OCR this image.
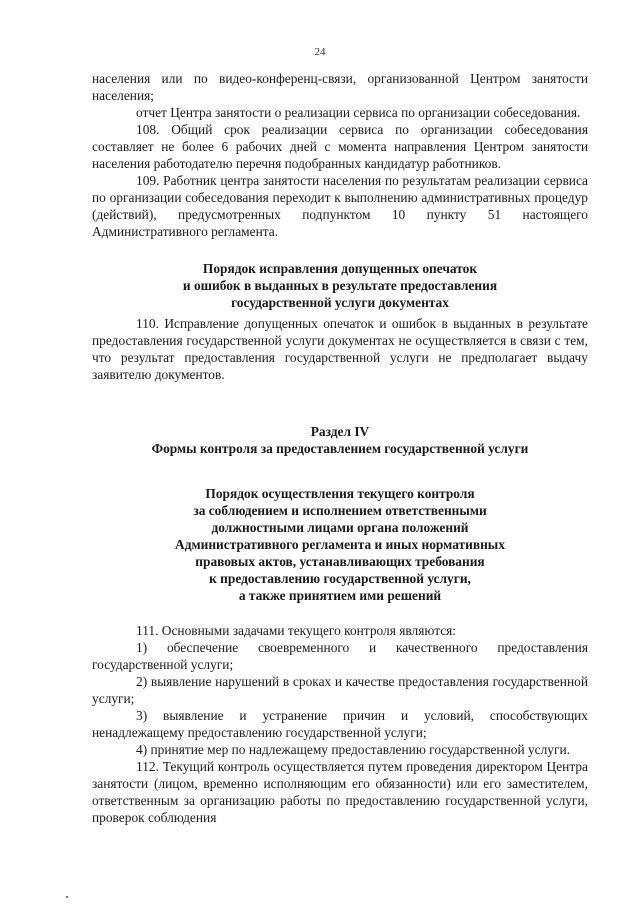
24

населения или по видео-конференц-связи, организованной Центром занятости населения;

отчет Центра занятости о реализации сервиса по организации собеседования.

108. Общий срок реализации сервиса по организации собеседования составляет не более 6 рабочих дней с момента направления Центром занятости населения работодателю перечня подобранных кандидатур работников.

109. Работник центра занятости населения по результатам реализации сервиса по организации собеседования переходит к выполнению административных процедур (действий), предусмотренных подпунктом 10 пункту 51 настоящего Административного регламента.

Порядок исправления допущенных опечаток
и ошибок в выданных в результате предоставления
государственной услуги документах

110. Исправление допущенных опечаток и ошибок в выданных в результате предоставления государственной услуги документах не осуществляется в связи с тем, что результат предоставления государственной услуги не предполагает выдачу заявителю документов.

Раздел IV
Формы контроля за предоставлением государственной услуги
Порядок осуществления текущего контроля
за соблюдением и исполнением ответственными
должностными лицами органа положений
Административного регламента и иных нормативных
правовых актов, устанавливающих требования
к предоставлению государственной услуги,
а также принятием ими решений

111. Основными задачами текущего контроля являются:

1) обеспечение своевременного и качественного предоставления государственной услуги;

2) выявление нарушений в сроках и качестве предоставления государственной услуги;

3) выявление и устранение причин и условий, способствующих ненадлежащему предоставлению государственной услуги;

4) принятие мер по надлежащему предоставлению государственной услуги.

112. Текущий контроль осуществляется путем проведения директором Центра занятости (лицом, временно исполняющим его обязанности) или его заместителем, ответственным за организацию работы по предоставлению государственной услуги, проверок соблюдения
